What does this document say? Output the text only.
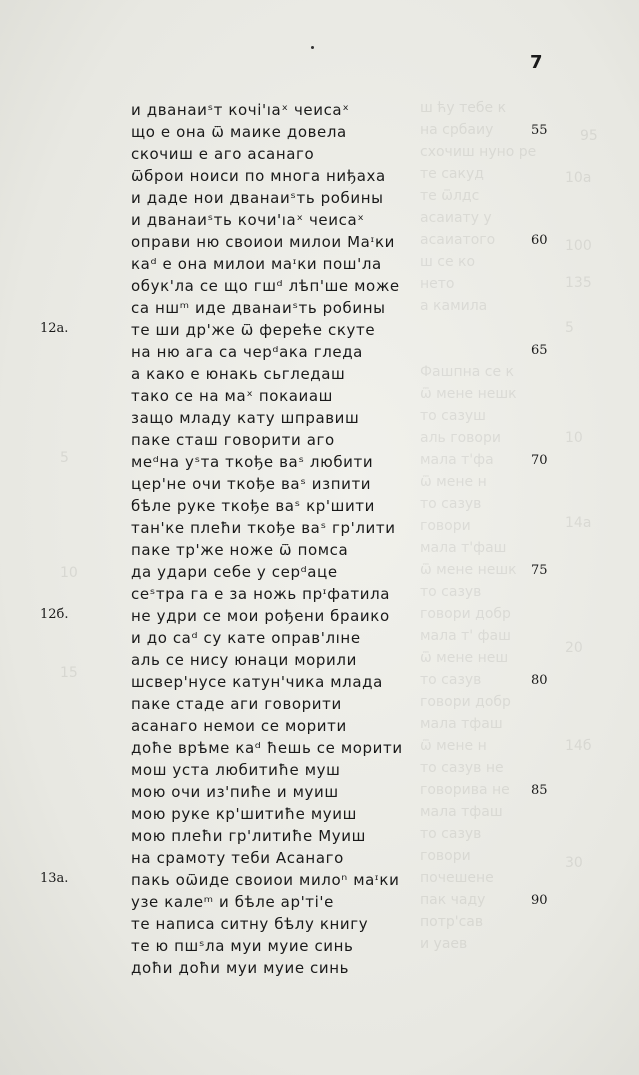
ш ћу тебе к
на србаиу
схочиш нуно ре
те сакуд
те ѿлдс
асаиату у
асаиатого
ш се ко
нето
а камила
Фашпна се к
ѿ мене нешк
то сазуш
аль говори
мала т'фа
ѿ мене н
то сазув
говори
мала т'фаш
ѿ мене нешк
то сазув
говори добр
мала т' фаш
ѿ мене неш
то сазув
говори добр
мала тфаш
ѿ мене н
то сазув не
говорива не
мала тфаш
то сазув
говори
почешене
пак чаду
потр'сав
и уаев
95
10а
100
135
5
10
14а
5
10
15
20
14б
30
7
и дванаиˢт кочі'ıаˣ чеисаˣ
що е она ѿ маике довела
скочиш е аго асанаго
ѿброи нoиси по многа ниђаха
и даде нои дванаиˢть робины
и дванаиˢть кочи'ıаˣ чеисаˣ
оправи ню своиои милои Маᶦки
каᵈ е она милои маᶦки пош'ла
обук'ла се що гшᵈ лѣп'ше може
са нш͏ᵐ иде дванаиˢть робины
те ши др'же ѿ фереће скуте
на ню ага са черᵈака гледа
а како е юнакь сьгледаш
тако се на маˣ покаиаш
защо младу кату шправиш
паке сташ говорити аго
меᵈна уˢта ткође ваˢ любити
цер'не очи ткође ваˢ изпити
бѣле руке ткође ваˢ кр'шити
тан'ке плеħи ткође ваˢ гр'лити
паке тр'же ноже ѿ помса
да удари себе у серᵈаце
сеˢтра га е за ножь прᶦфатила
не удри се мои рођени браико
и до саᵈ су кате оправ'лıне
аль се нису юнаци морили
шсвер'нусе катун'чика млада
паке стаде аги говорити
асанаго немои се морити
доħе врѣме каᵈ ħешь се морити
мош уста любитиħе муш
мою очи из'пиħе и муиш
мою руке кр'шитиħе муиш
мою плеħи гр'литиħе Муиш
на срамоту теби Асанаго
пакь оѿиде своиои милоⁿ маᶦки
узе калеᵐ и бѣле ар'ті'е
те написа ситну бѣлу книгу
те ю пшˢла муи муие синь
доħи доħи муи муие синь
55
60
65
70
75
80
85
90
12а.
12б.
13а.
